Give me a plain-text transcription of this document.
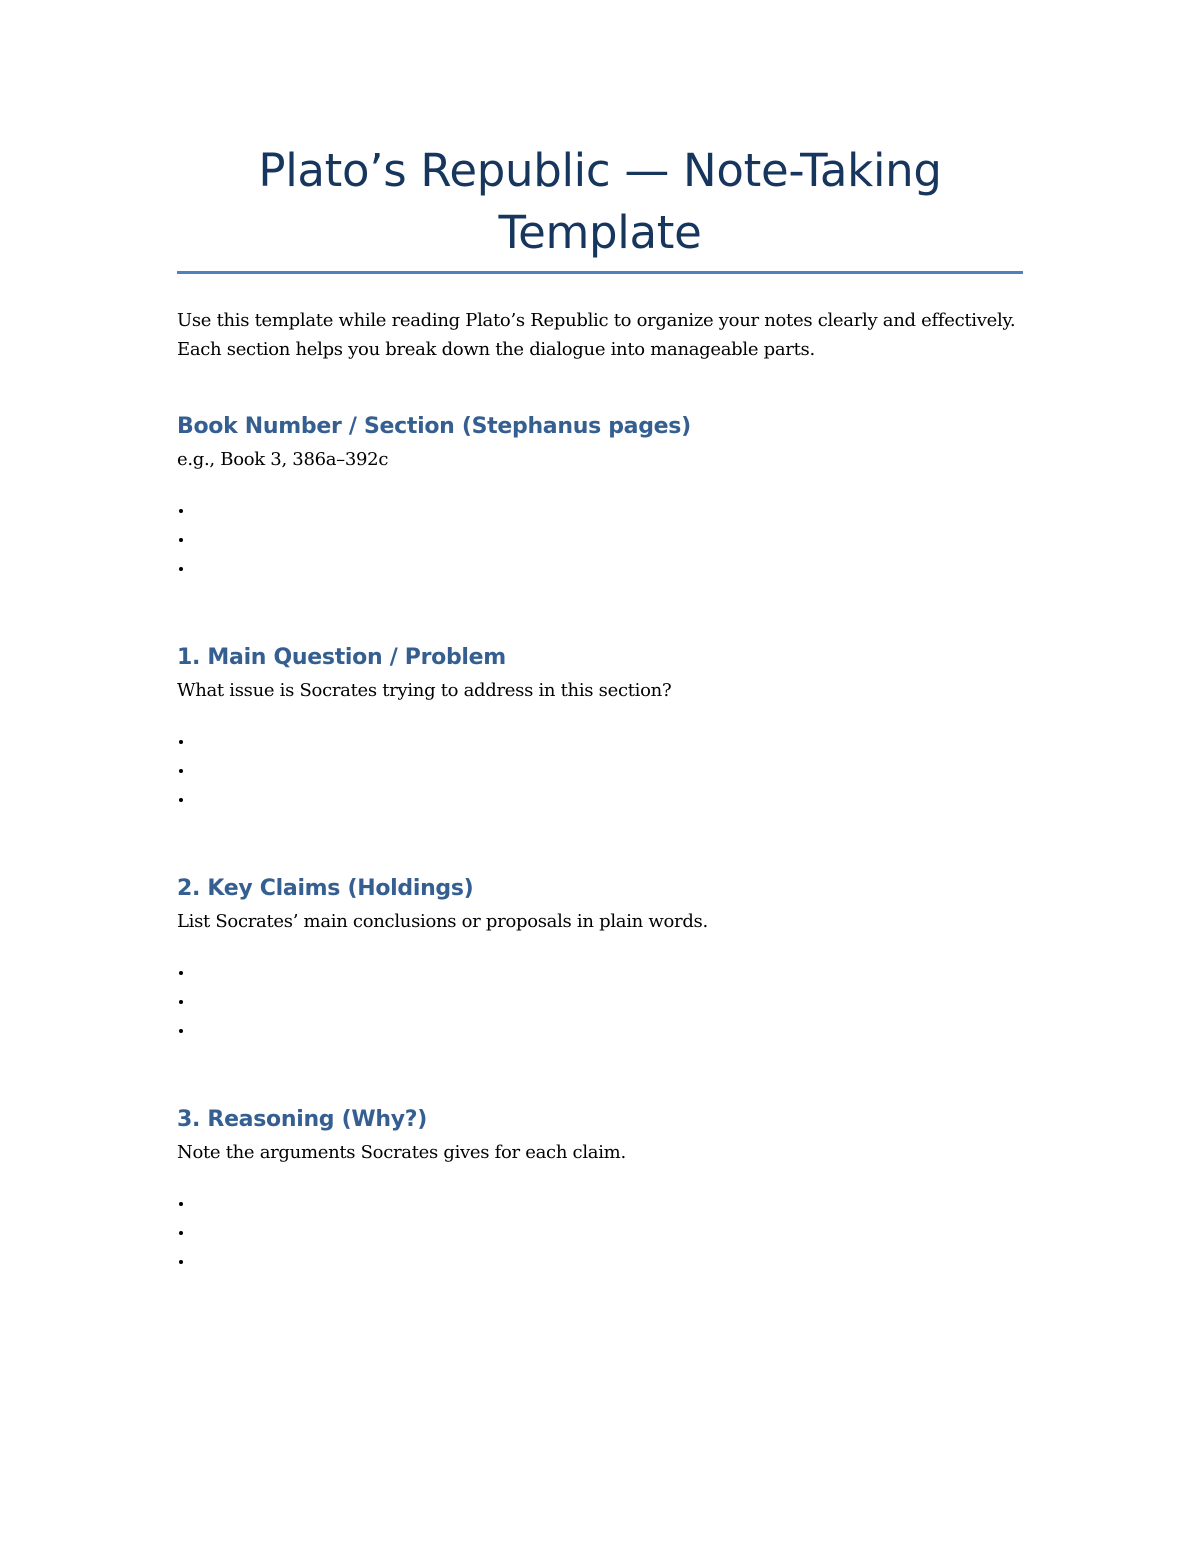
Plato’s Republic — Note-Taking Template

Use this template while reading Plato’s Republic to organize your notes clearly and effectively. Each section helps you break down the dialogue into manageable parts.

Book Number / Section (Stephanus pages)

e.g., Book 3, 386a–392c

1. Main Question / Problem

What issue is Socrates trying to address in this section?

2. Key Claims (Holdings)

List Socrates’ main conclusions or proposals in plain words.

3. Reasoning (Why?)

Note the arguments Socrates gives for each claim.
